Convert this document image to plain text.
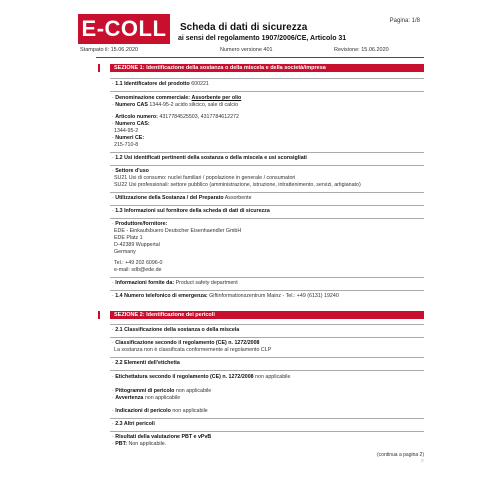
E-COLL	Pagina: 1/8
Scheda di dati di sicurezza
ai sensi del regolamento 1907/2006/CE, Articolo 31
Stampato il: 15.06.2020	Numero versione 401	Revisione: 15.06.2020
SEZIONE 1: Identificazione della sostanza o della miscela e della società/impresa
· 1.1 Identificatore del prodotto 600221
· Denominazione commerciale: Assorbente per olio
· Numero CAS 1344-95-2 acido silicico, sale di calcio
· Articolo numero: 4317784525503, 4317784612272
· Numero CAS:
1344-95-2
· Numeri CE:
215-710-8
· 1.2 Usi identificati pertinenti della sostanza o della miscela e usi sconsigliati
· Settore d'uso
SU21 Usi di consumo: nuclei familiari / popolazione in generale / consumatori
SU22 Usi professionali: settore pubblico (amministrazione, istruzione, intrattenimento, servizi, artigianato)
· Utilizzazione della Sostanza / del Preparato Assorbente
· 1.3 Informazioni sul fornitore della scheda di dati di sicurezza
· Produttore/fornitore:
EDE - Einkaufsbuero Deutscher Eisenhaendler GmbH
EDE Platz 1
D-42389 Wuppertal
Germany
Tel.: +49 202 6096-0
e-mail: sdb@ede.de
· Informazioni fornite da: Product safety department
· 1.4 Numero telefonico di emergenza: Giftinformationszentrum Mainz - Tel.: +49 (6131) 19240
SEZIONE 2: Identificazione dei pericoli
· 2.1 Classificazione della sostanza o della miscela
· Classificazione secondo il regolamento (CE) n. 1272/2008
La sostanza non è classificata conformemente al regolamento CLP
· 2.2 Elementi dell'etichetta
· Etichettatura secondo il regolamento (CE) n. 1272/2008 non applicabile
· Pittogrammi di pericolo non applicabile
· Avvertenza non applicabile
· Indicazioni di pericolo non applicabile
· 2.3 Altri pericoli
· Risultati della valutazione PBT e vPvB
· PBT: Non applicabile.
(continua a pagina 2)
IT
